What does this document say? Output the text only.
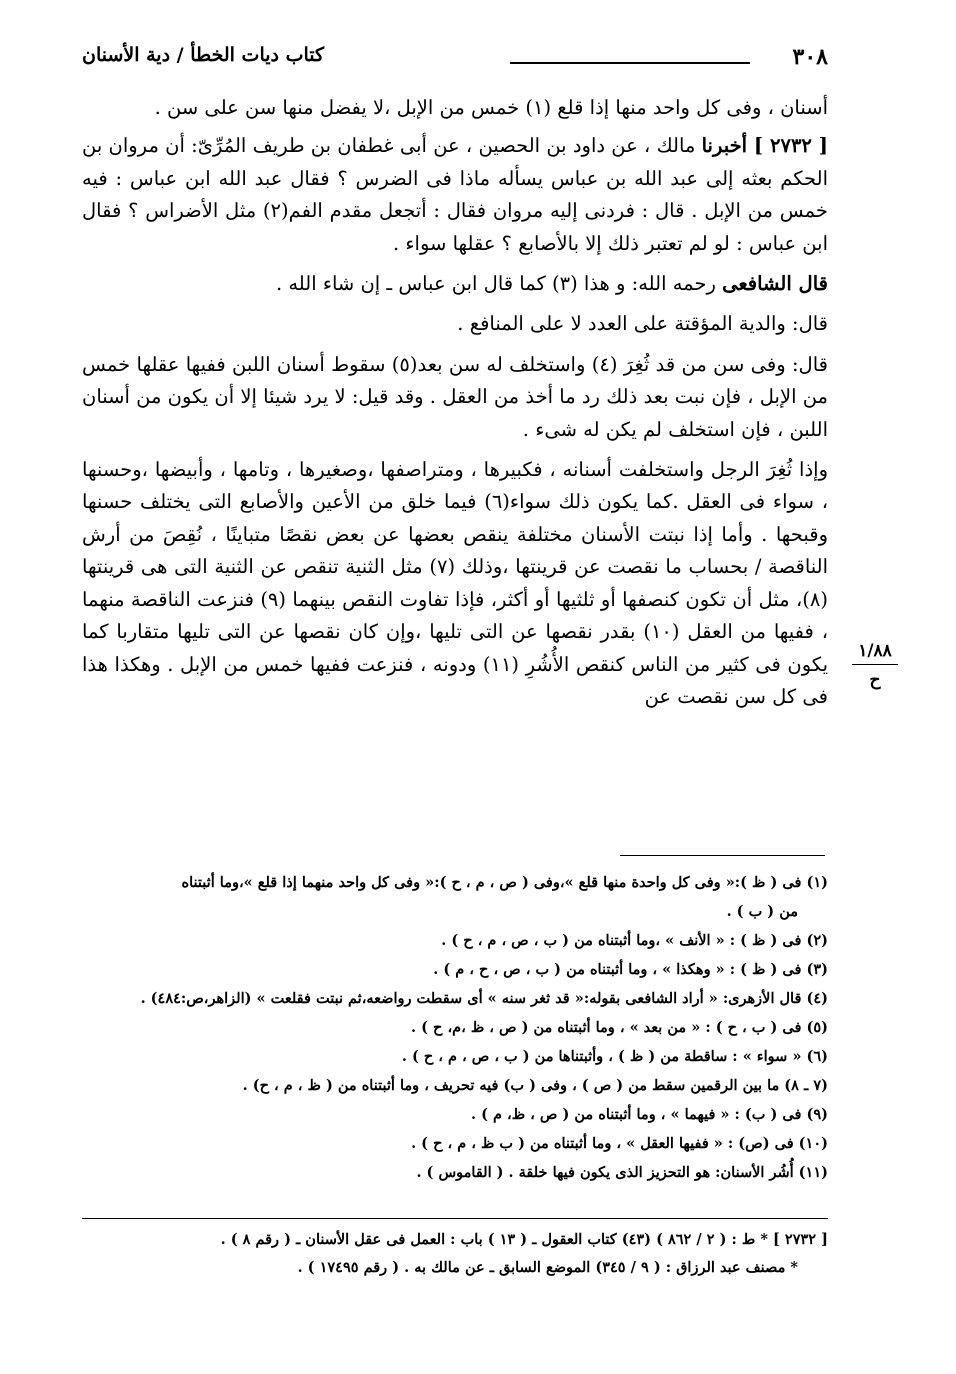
٣٠٨
كتاب ديات الخطأ / دية الأسنان

أسنان ، وفى كل واحد منها إذا قلع (١) خمس من الإبل ،لا يفضل منها سن على سن .

[ ٢٧٣٢ ] أخبرنا مالك ، عن داود بن الحصين ، عن أبى غطفان بن طريف المُرِّىّ: أن مروان بن الحكم بعثه إلى عبد الله بن عباس يسأله ماذا فى الضرس ؟ فقال عبد الله ابن عباس : فيه خمس من الإبل . قال : فردنى إليه مروان فقال : أتجعل مقدم الفم(٢) مثل الأضراس ؟ فقال ابن عباس : لو لم تعتبر ذلك إلا بالأصابع ؟ عقلها سواء .

قال الشافعى رحمه الله: و هذا (٣) كما قال ابن عباس ـ إن شاء الله .

قال: والدية المؤقتة على العدد لا على المنافع .

قال: وفى سن من قد ثُغِرَ (٤) واستخلف له سن بعد(٥) سقوط أسنان اللبن ففيها عقلها خمس من الإبل ، فإن نبت بعد ذلك رد ما أخذ من العقل . وقد قيل: لا يرد شيئا إلا أن يكون من أسنان اللبن ، فإن استخلف لم يكن له شىء .

وإذا ثُغِرَ الرجل واستخلفت أسنانه ، فكبيرها ، ومتراصفها ،وصغيرها ، وتامها ، وأبيضها ،وحسنها ، سواء فى العقل .كما يكون ذلك سواء(٦) فيما خلق من الأعين والأصابع التى يختلف حسنها وقبحها . وأما إذا نبتت الأسنان مختلفة ينقص بعضها عن بعض نقصًا متباينًا ، نُقِصَ من أرش الناقصة / بحساب ما نقصت عن قرينتها ،وذلك (٧) مثل الثنية تنقص عن الثنية التى هى قرينتها (٨)، مثل أن تكون كنصفها أو ثلثيها أو أكثر، فإذا تفاوت النقص بينهما (٩) فنزعت الناقصة منهما ، ففيها من العقل (١٠) بقدر نقصها عن التى تليها ،وإن كان نقصها عن التى تليها متقاربا كما يكون فى كثير من الناس كنقص الأُشُرِ (١١) ودونه ، فنزعت ففيها خمس من الإبل . وهكذا هذا فى كل سن نقصت عن

١/٨٨
ح

(١) فى ( ظ ):« وفى كل واحدة منها قلع »،وفى ( ص ، م ، ح ):« وفى كل واحد منهما إذا قلع »،وما أثبتناه

من ( ب ) .

(٢) فى ( ظ ) : « الأنف » ،وما أثبتناه من ( ب ، ص ، م ، ح ) .

(٣) فى ( ظ ) : « وهكذا » ، وما أثبتناه من ( ب ، ص ، ح ، م ) .

(٤) قال الأزهرى: « أراد الشافعى بقوله:« قد ثغر سنه » أى سقطت رواضعه،ثم نبتت فقلعت » (الزاهر،ص:٤٨٤) .

(٥) فى ( ب ، ح ) : « من بعد » ، وما أثبتناه من ( ص ، ظ ،م، ح ) .

(٦) « سواء » : ساقطة من ( ظ ) ، وأثبتناها من ( ب ، ص ، م ، ح ) .

(٧ ـ ٨) ما بين الرقمين سقط من ( ص ) ، وفى ( ب) فيه تحريف ، وما أثبتناه من ( ظ ، م ، ح) .

(٩) فى ( ب) : « فيهما » ، وما أثبتناه من ( ص ، ظ، م ) .

(١٠) فى (ص) : « ففيها العقل » ، وما أثبتناه من ( ب ظ ، م ، ح ) .

(١١) أُشُر الأسنان: هو التحزيز الذى يكون فيها خلقة . ( القاموس ) .

[ ٢٧٣٢ ] * ط : ( ٢ / ٨٦٢ ) (٤٣) كتاب العقول ـ ( ١٣ ) باب : العمل فى عقل الأسنان ـ ( رقم ٨ ) .

* مصنف عبد الرزاق : ( ٩ / ٣٤٥) الموضع السابق ـ عن مالك به . ( رقم ١٧٤٩٥ ) .
